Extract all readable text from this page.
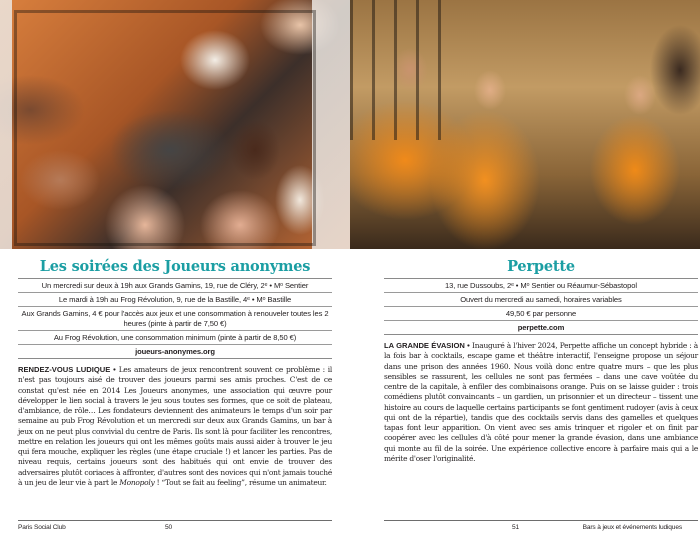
Les soirées des Joueurs anonymes
Un mercredi sur deux à 19h aux Grands Gamins, 19, rue de Cléry, 2ᵉ • Mᵒ Sentier
Le mardi à 19h au Frog Révolution, 9, rue de la Bastille, 4ᵉ • Mᵒ Bastille
Aux Grands Gamins, 4 € pour l'accès aux jeux et une consommation à renouveler toutes les 2 heures (pinte à partir de 7,50 €)
Au Frog Révolution, une consommation minimum (pinte à partir de 8,50 €)
joueurs-anonymes.org

RENDEZ-VOUS LUDIQUE • Les amateurs de jeux rencontrent souvent ce problème : il n'est pas toujours aisé de trouver des joueurs parmi ses amis proches. C'est de ce constat qu'est née en 2014 Les Joueurs anonymes, une association qui œuvre pour développer le lien social à travers le jeu sous toutes ses formes, que ce soit de plateau, d'ambiance, de rôle… Les fondateurs deviennent des animateurs le temps d'un soir par semaine au pub Frog Révolution et un mercredi sur deux aux Grands Gamins, un bar à jeux on ne peut plus convivial du centre de Paris. Ils sont là pour faciliter les rencontres, mettre en relation les joueurs qui ont les mêmes goûts mais aussi aider à trouver le jeu qui fera mouche, expliquer les règles (une étape cruciale !) et lancer les parties. Pas de niveau requis, certains joueurs sont des habitués qui ont envie de trouver des adversaires plutôt coriaces à affronter, d'autres sont des novices qui n'ont jamais touché à un jeu de leur vie à part le Monopoly ! “Tout se fait au feeling”, résume un animateur.

Paris Social Club	50
Perpette
13, rue Dussoubs, 2ᵉ • Mᵒ Sentier ou Réaumur-Sébastopol
Ouvert du mercredi au samedi, horaires variables
49,50 € par personne
perpette.com

LA GRANDE ÉVASION • Inauguré à l'hiver 2024, Perpette affiche un concept hybride : à la fois bar à cocktails, escape game et théâtre interactif, l'enseigne propose un séjour dans une prison des années 1960. Nous voilà donc entre quatre murs – que les plus sensibles se rassurent, les cellules ne sont pas fermées – dans une cave voûtée du centre de la capitale, à enfiler des combinaisons orange. Puis on se laisse guider : trois comédiens plutôt convaincants – un gardien, un prisonnier et un directeur – tissent une histoire au cours de laquelle certains participants se font gentiment rudoyer (avis à ceux qui ont de la répartie), tandis que des cocktails servis dans des gamelles et quelques tapas font leur apparition. On vient avec ses amis trinquer et rigoler et on finit par coopérer avec les cellules d'à côté pour mener la grande évasion, dans une ambiance qui monte au fil de la soirée. Une expérience collective encore à parfaire mais qui a le mérite d'oser l'originalité.

51	Bars à jeux et événements ludiques
